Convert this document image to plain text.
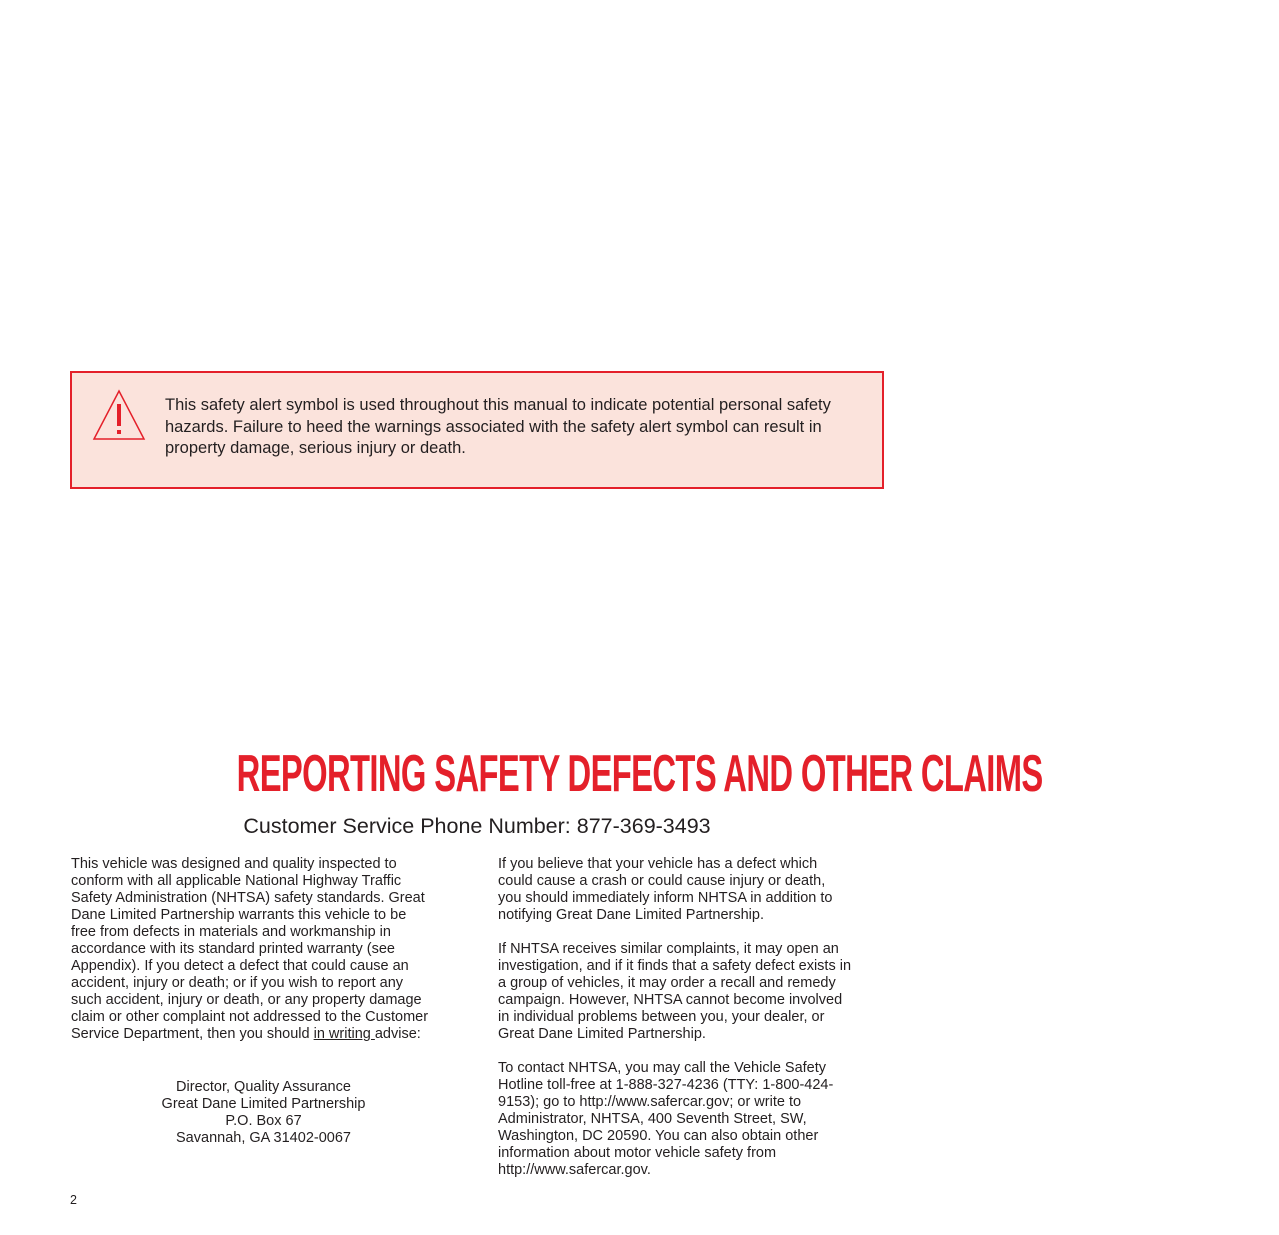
This safety alert symbol is used throughout this manual to indicate potential personal safety hazards. Failure to heed the warnings associated with the safety alert symbol can result in property damage, serious injury or death.
REPORTING SAFETY DEFECTS AND OTHER CLAIMS
Customer Service Phone Number: 877-369-3493

This vehicle was designed and quality inspected to
conform with all applicable National Highway Traffic
Safety Administration (NHTSA) safety standards. Great
Dane Limited Partnership warrants this vehicle to be
free from defects in materials and workmanship in
accordance with its standard printed warranty (see
Appendix). If you detect a defect that could cause an
accident, injury or death; or if you wish to report any
such accident, injury or death, or any property damage
claim or other complaint not addressed to the Customer
Service Department, then you should in writing advise:

Director, Quality Assurance
Great Dane Limited Partnership
P.O. Box 67
Savannah, GA 31402-0067

If you believe that your vehicle has a defect which
could cause a crash or could cause injury or death,
you should immediately inform NHTSA in addition to
notifying Great Dane Limited Partnership.

If NHTSA receives similar complaints, it may open an
investigation, and if it finds that a safety defect exists in
a group of vehicles, it may order a recall and remedy
campaign. However, NHTSA cannot become involved
in individual problems between you, your dealer, or
Great Dane Limited Partnership.

To contact NHTSA, you may call the Vehicle Safety
Hotline toll-free at 1-888-327-4236 (TTY: 1-800-424-
9153); go to http://www.safercar.gov; or write to
Administrator, NHTSA, 400 Seventh Street, SW,
Washington, DC 20590. You can also obtain other
information about motor vehicle safety from
http://www.safercar.gov.

2
